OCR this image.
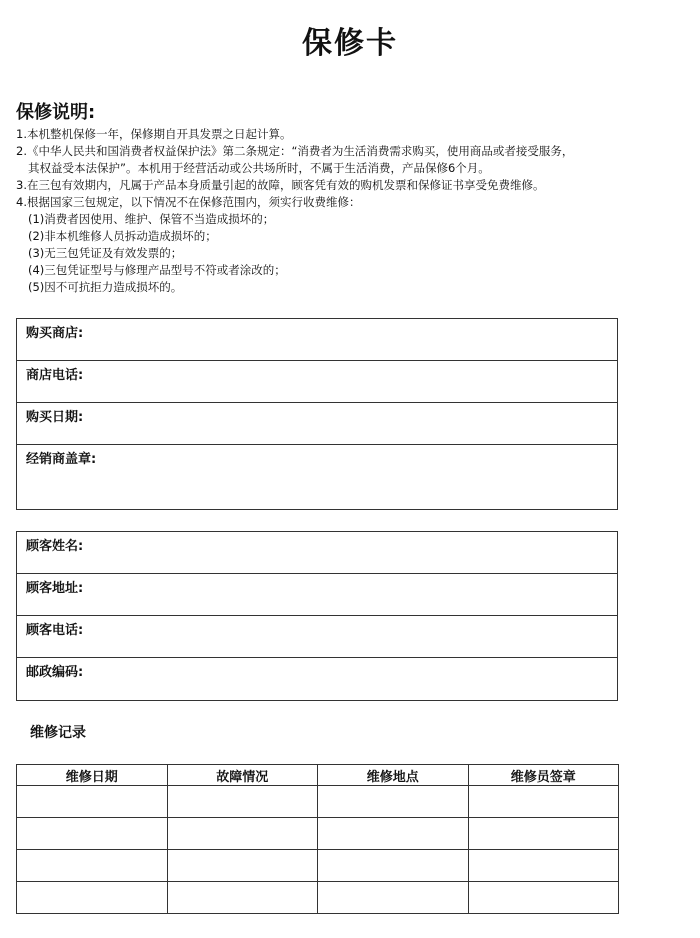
保修卡
保修说明:
1.本机整机保修一年，保修期自开具发票之日起计算。
2.《中华人民共和国消费者权益保护法》第二条规定：“消费者为生活消费需求购买，使用商品或者接受服务，
其权益受本法保护”。本机用于经营活动或公共场所时，不属于生活消费，产品保修6个月。
3.在三包有效期内，凡属于产品本身质量引起的故障，顾客凭有效的购机发票和保修证书享受免费维修。
4.根据国家三包规定，以下情况不在保修范围内，须实行收费维修：
(1)消费者因使用、维护、保管不当造成损坏的；
(2)非本机维修人员拆动造成损坏的；
(3)无三包凭证及有效发票的；
(4)三包凭证型号与修理产品型号不符或者涂改的；
(5)因不可抗拒力造成损坏的。
购买商店:
商店电话:
购买日期:
经销商盖章:
顾客姓名:
顾客地址:
顾客电话:
邮政编码:
维修记录
维修日期	故障情况	维修地点	维修员签章
